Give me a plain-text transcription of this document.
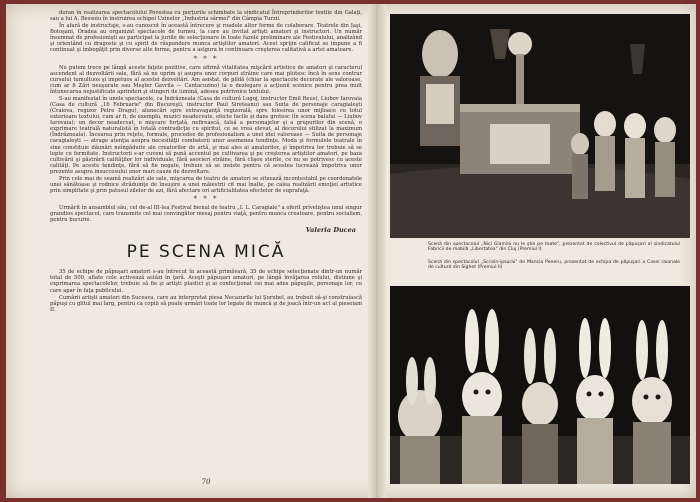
doran în realizarea spectacolului Povestea cu porţurile schimbate la sindicatul Întreprinderilor textile din Galaţi, sau a lui A. Bessoiu în instruirea echipei Uzinelor „Industria sârmei" din Câmpia Turzii.

În afară de instructaje, s-au cunoscut în această întrecere şi roadele altor forme de colaborare. Teatrele din Iaşi, Botoşani, Oradea au organizat spectacole de turneu, la care au invitat artişti amatori şi instructori. Un număr însemnat de profesionişti au participat la juriile de selecţionare în toate fazele preliminare ale Festivalului, analizând şi orientând cu dragoste şi cu spirit de răspundere munca artiştilor amatori. Acest sprijin calificat se impune a fi continuat şi îmbogăţit prin diverse alte forme, pentru a asigura în continuare creşterea calitativă a artei amatoare.

* * *

Nu putem trece pe lângă aceste faţete pozitive, care afirmă vitalitatea mişcării artistice de amatori şi caracterul ascendent al dezvoltării sale, fără să ne oprim şi asupra unor corpuri străine care mai plutesc încă în sens contrar cursului tumultuos şi impetuos al acestei dezvoltări. Am asistat, de pildă (chiar la spectacole decorate ale valoroase, cum ar fi Zări neuşurate sau Meşter Gavrila — Cantacuzino) la o dezlegare a acţiunii scenice pentru prea mult întunecarea nejustificate aprinderi şi stingeri de lumină, adesea potrivnice textului.

S-au manifestat în unele spectacole, ca Îndrăzneala (Casa de cultură Lugoj, instructor Emil Reus), Liubov Iarovaia (Casa de cultură „16 Februarie" din Bucureşti, instructor Paul Sireteanu) sau Suita de personaje caragialeşti (Craiova, regizor Petre Dragu), alunecări spre extravaganţă regizorală, spre folosirea unor mijloace cu totul exterioare textului, cum ar fi, de exemplu, muzici neadecvate, efecte facile şi dans grotesc (în scena balului — Liubov Iarovaia); un decor neadecvat, o mişcare forţată, nefirească, falsă a personajelor şi a grupurilor din scenă, o exprimare teatrală naturalistă în totală contradicţie cu spiritul, ce se vrea elevat, al decorului stilizat la maximum (Îndrăzneala). Încearea prin reţete, formule, procedee de profesionalism a unei idei valoroase — Suita de personaje caragialeşti — atrage atenţia asupra necesităţii combaterii unor asemenea tendinţe. Moda şi formulele teatrale în sine constituie dăunări neîngăduite ale creatorilor de artă, şi mai ales ai amatorilor, şi împotriva lor trebuie să se lupte cu fermitate. Instructorii s-ar cuveni să pună accentul pe cultivarea şi pe creşterea artiştilor amatori, pe baza cultivării şi păstrării calităţilor lor individuale, fără asocieri străine, fără clişee sterile, ce nu se potrivesc cu aceste calităţi. Pe aceste tendinţe, fără să fie negate, trebuie să se insiste pentru că acestea lucrează împotriva unor prezente asupra insuccesului unor mari cauze de dezvoltare.

Prin cele mai de seamă realizări ale sale, mişcarea de teatru de amatori se situează incontestabil pe coordonatele unei sănătoase şi rodnice străduinţe de însuşire a unei măiestrii cit mai înalte, pe calea realizării emoţiei artistice prin simplitate şi prin patosul zilelor de azi, fără afectare ori artificialitatea efectelor de suprafaţă.

* * *

Urmărit în ansamblul său, cel de-al III-lea Festival bienal de teatru „I. L. Caragiale" a oferit priveliştea unui singur grandios spectacol, care transmite cel mai convingător mesaj pentru viaţă, pentru munca creatoare, pentru socialism, pentru bucurie.

Valeria Ducea
PE SCENA MICĂ

35 de echipe de păpuşari amatori s-au întrecut în această primăvară, 35 de echipe selecţionate dintr-un număr total de 500, aflate cele activează astăzi în ţară. Aceşti păpuşari amatori, pe lângă învăţarea rolului, distiune şi exprimarea spectacolelor, trebuie să fie şi artişti plastici şi ai confecţionat cei mai ades păpuşile, personaje lor, cu care apar în faţa publicului.

Cumării artişti amatori din Suceava, care au interpretat piesa Necazurile lui Şurubel, au trebuit să-şi construiască păpuşi cu glitul mai larg, pentru ca copiii să poate urmări toate lor legate de muncă şi de joacă într-un act al pieseiam II.

70
Scenă din spectacolul „Nici Giamila nu le ştie pe toate", prezentat de colectivul de păpuşari al sindicatului Fabricii de mobilă „Libertatea" din Cluj (Premiul I)
Scenă din spectacolul „Scrisîn-ipsurai" de Mancia Peneru, prezentat de echipa de păpuşari a Casei raionale de cultură din Sighet (Premiul II)
